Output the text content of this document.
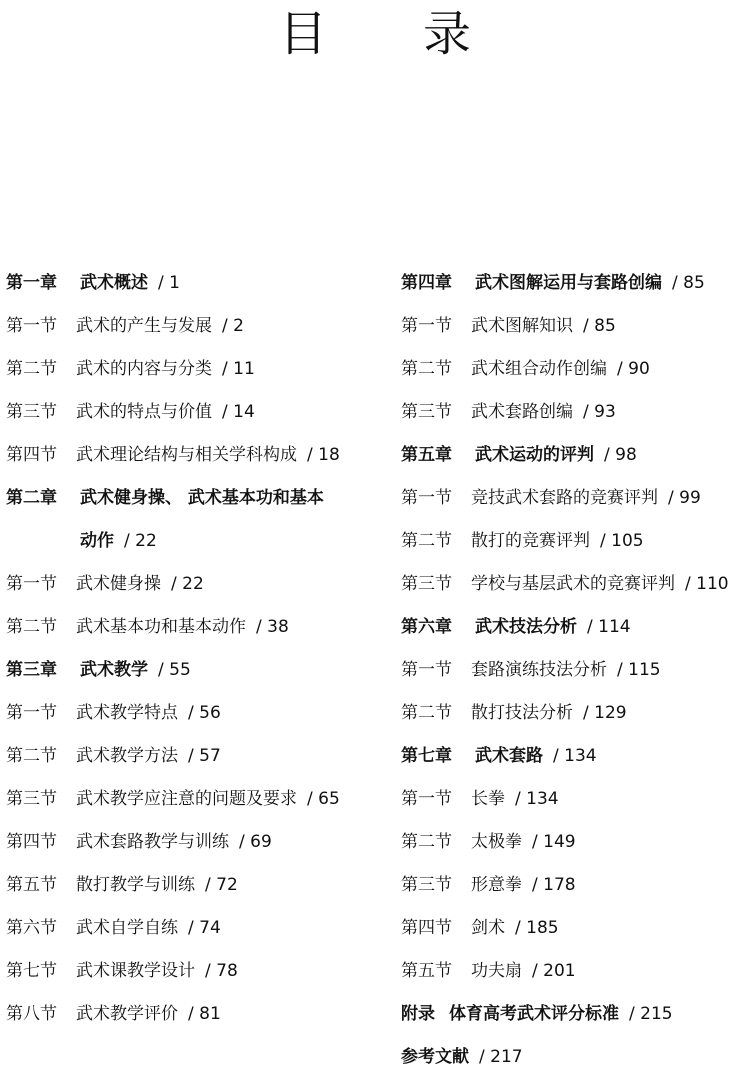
目 录
第一章	武术概述 / 1
第一节	武术的产生与发展 / 2
第二节	武术的内容与分类 / 11
第三节	武术的特点与价值 / 14
第四节	武术理论结构与相关学科构成 / 18
第二章	武术健身操、 武术基本功和基本
动作 / 22
第一节	武术健身操 / 22
第二节	武术基本功和基本动作 / 38
第三章	武术教学 / 55
第一节	武术教学特点 / 56
第二节	武术教学方法 / 57
第三节	武术教学应注意的问题及要求 / 65
第四节	武术套路教学与训练 / 69
第五节	散打教学与训练 / 72
第六节	武术自学自练 / 74
第七节	武术课教学设计 / 78
第八节	武术教学评价 / 81
第四章	武术图解运用与套路创编 / 85
第一节	武术图解知识 / 85
第二节	武术组合动作创编 / 90
第三节	武术套路创编 / 93
第五章	武术运动的评判 / 98
第一节	竞技武术套路的竞赛评判 / 99
第二节	散打的竞赛评判 / 105
第三节	学校与基层武术的竞赛评判 / 110
第六章	武术技法分析 / 114
第一节	套路演练技法分析 / 115
第二节	散打技法分析 / 129
第七章	武术套路 / 134
第一节	长拳 / 134
第二节	太极拳 / 149
第三节	形意拳 / 178
第四节	剑术 / 185
第五节	功夫扇 / 201
附录 体育高考武术评分标准 / 215
参考文献 / 217
